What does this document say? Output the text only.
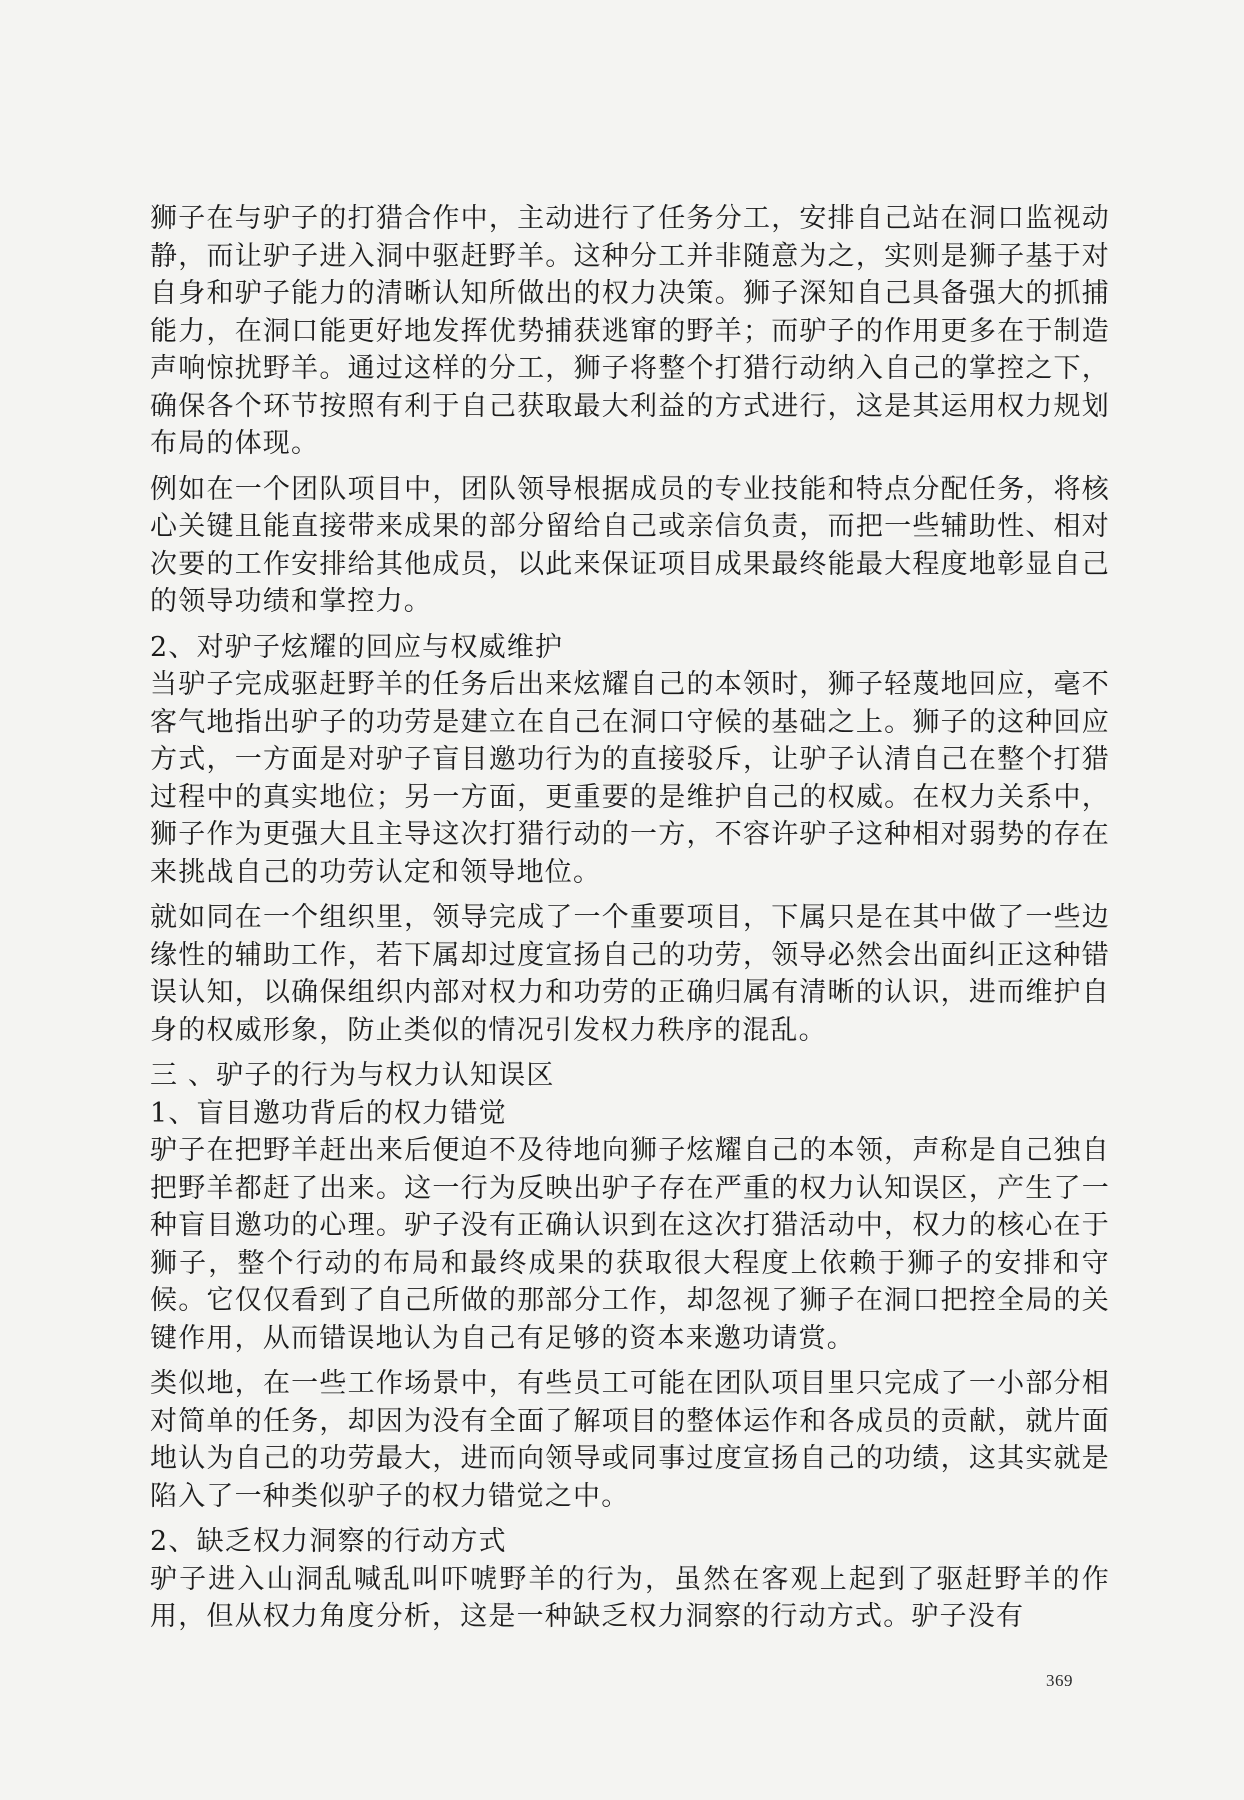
狮子在与驴子的打猎合作中，主动进行了任务分工，安排自己站在洞口监视动静，而让驴子进入洞中驱赶野羊。这种分工并非随意为之，实则是狮子基于对自身和驴子能力的清晰认知所做出的权力决策。狮子深知自己具备强大的抓捕能力，在洞口能更好地发挥优势捕获逃窜的野羊；而驴子的作用更多在于制造声响惊扰野羊。通过这样的分工，狮子将整个打猎行动纳入自己的掌控之下，确保各个环节按照有利于自己获取最大利益的方式进行，这是其运用权力规划布局的体现。

例如在一个团队项目中，团队领导根据成员的专业技能和特点分配任务，将核心关键且能直接带来成果的部分留给自己或亲信负责，而把一些辅助性、相对次要的工作安排给其他成员，以此来保证项目成果最终能最大程度地彰显自己的领导功绩和掌控力。

2、对驴子炫耀的回应与权威维护

当驴子完成驱赶野羊的任务后出来炫耀自己的本领时，狮子轻蔑地回应，毫不客气地指出驴子的功劳是建立在自己在洞口守候的基础之上。狮子的这种回应方式，一方面是对驴子盲目邀功行为的直接驳斥，让驴子认清自己在整个打猎过程中的真实地位；另一方面，更重要的是维护自己的权威。在权力关系中，狮子作为更强大且主导这次打猎行动的一方，不容许驴子这种相对弱势的存在来挑战自己的功劳认定和领导地位。

就如同在一个组织里，领导完成了一个重要项目，下属只是在其中做了一些边缘性的辅助工作，若下属却过度宣扬自己的功劳，领导必然会出面纠正这种错误认知，以确保组织内部对权力和功劳的正确归属有清晰的认识，进而维护自身的权威形象，防止类似的情况引发权力秩序的混乱。

三 、驴子的行为与权力认知误区

1、盲目邀功背后的权力错觉

驴子在把野羊赶出来后便迫不及待地向狮子炫耀自己的本领，声称是自己独自把野羊都赶了出来。这一行为反映出驴子存在严重的权力认知误区，产生了一种盲目邀功的心理。驴子没有正确认识到在这次打猎活动中，权力的核心在于狮子，整个行动的布局和最终成果的获取很大程度上依赖于狮子的安排和守候。它仅仅看到了自己所做的那部分工作，却忽视了狮子在洞口把控全局的关键作用，从而错误地认为自己有足够的资本来邀功请赏。

类似地，在一些工作场景中，有些员工可能在团队项目里只完成了一小部分相对简单的任务，却因为没有全面了解项目的整体运作和各成员的贡献，就片面地认为自己的功劳最大，进而向领导或同事过度宣扬自己的功绩，这其实就是陷入了一种类似驴子的权力错觉之中。

2、缺乏权力洞察的行动方式

驴子进入山洞乱喊乱叫吓唬野羊的行为，虽然在客观上起到了驱赶野羊的作用，但从权力角度分析，这是一种缺乏权力洞察的行动方式。驴子没有

369
